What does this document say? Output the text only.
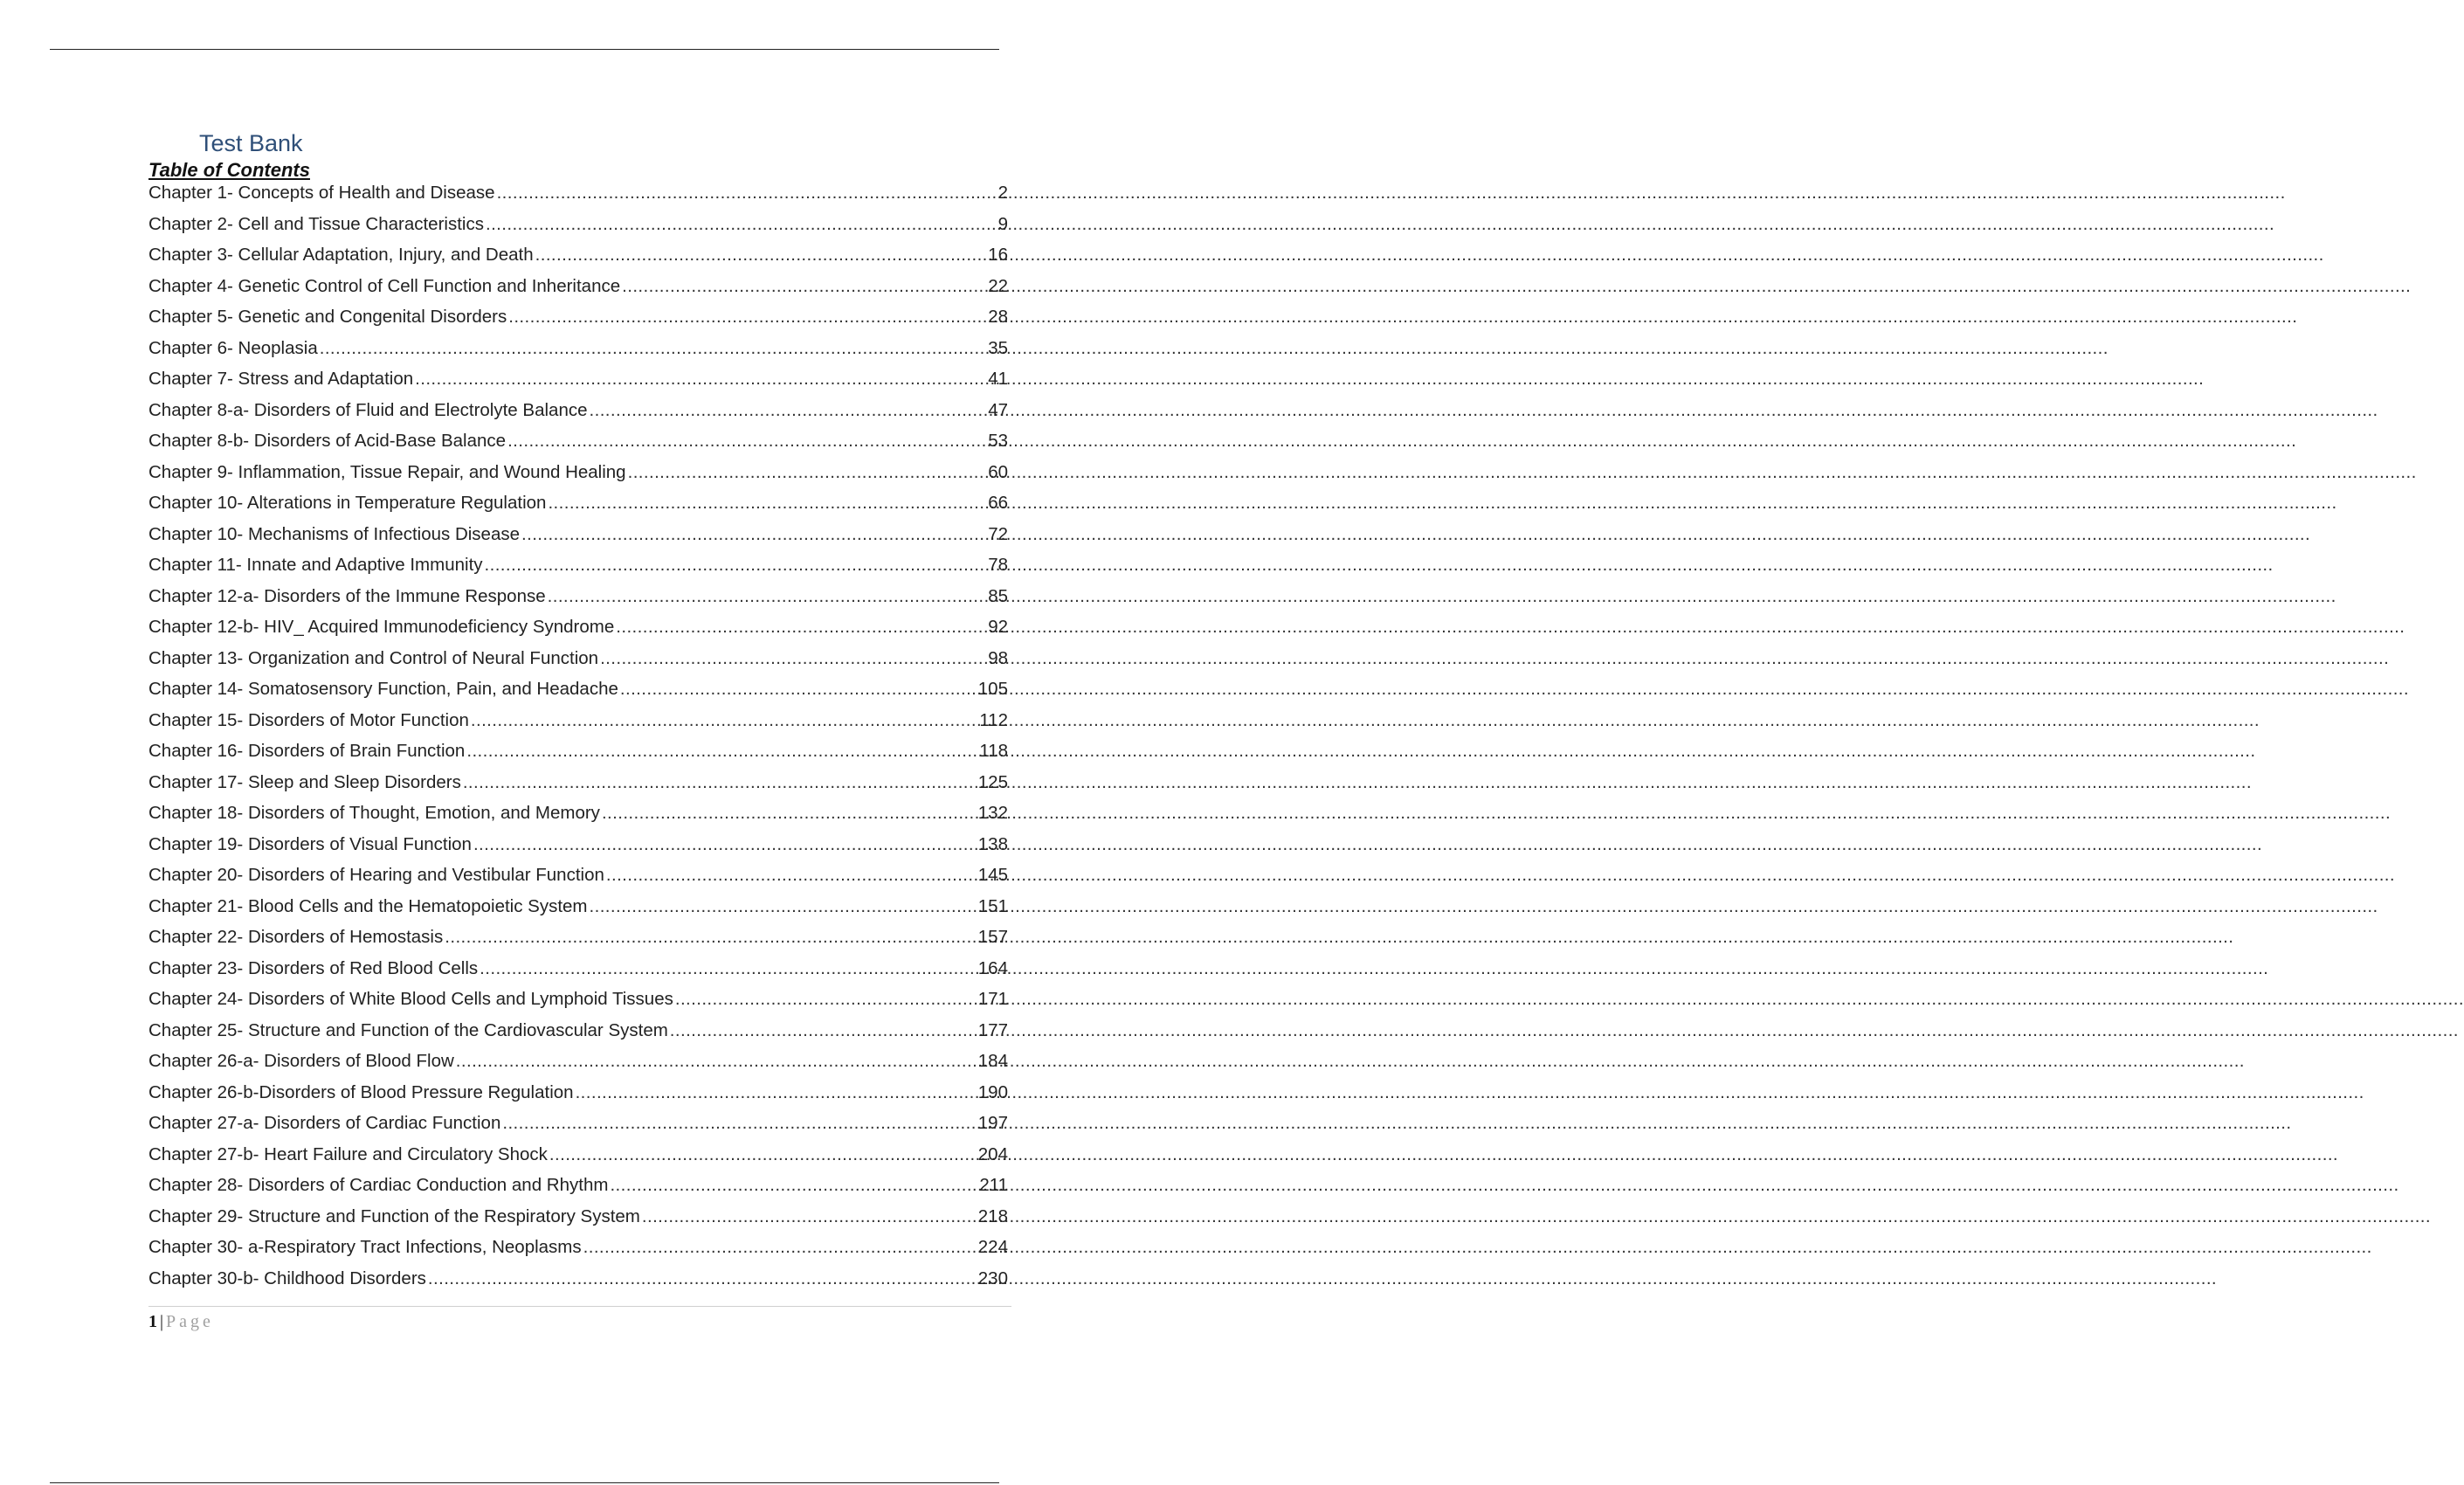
Test Bank
Table of Contents
Chapter 1- Concepts of Health and Disease .....	2
Chapter 2- Cell and Tissue Characteristics .....	9
Chapter 3- Cellular Adaptation, Injury, and Death .....	16
Chapter 4- Genetic Control of Cell Function and Inheritance .....	22
Chapter 5- Genetic and Congenital Disorders .....	28
Chapter 6- Neoplasia .....	35
Chapter 7- Stress and Adaptation .....	41
Chapter 8-a- Disorders of Fluid and Electrolyte Balance .....	47
Chapter 8-b- Disorders of Acid-Base Balance .....	53
Chapter 9- Inflammation, Tissue Repair, and Wound Healing .....	60
Chapter 10- Alterations in Temperature Regulation .....	66
Chapter 10- Mechanisms of Infectious Disease .....	72
Chapter 11- Innate and Adaptive Immunity .....	78
Chapter 12-a- Disorders of the Immune Response .....	85
Chapter 12-b- HIV_ Acquired Immunodeficiency Syndrome .....	92
Chapter 13- Organization and Control of Neural Function .....	98
Chapter 14- Somatosensory Function, Pain, and Headache .....	105
Chapter 15- Disorders of Motor Function .....	112
Chapter 16- Disorders of Brain Function .....	118
Chapter 17- Sleep and Sleep Disorders .....	125
Chapter 18- Disorders of Thought, Emotion, and Memory .....	132
Chapter 19- Disorders of Visual Function .....	138
Chapter 20- Disorders of Hearing and Vestibular Function .....	145
Chapter 21- Blood Cells and the Hematopoietic System .....	151
Chapter 22- Disorders of Hemostasis .....	157
Chapter 23- Disorders of Red Blood Cells .....	164
Chapter 24- Disorders of White Blood Cells and Lymphoid Tissues .....	171
Chapter 25- Structure and Function of the Cardiovascular System .....	177
Chapter 26-a- Disorders of Blood Flow .....	184
Chapter 26-b-Disorders of Blood Pressure Regulation .....	190
Chapter 27-a- Disorders of Cardiac Function .....	197
Chapter 27-b- Heart Failure and Circulatory Shock .....	204
Chapter 28- Disorders of Cardiac Conduction and Rhythm .....	211
Chapter 29- Structure and Function of the Respiratory System .....	218
Chapter 30- a-Respiratory Tract Infections, Neoplasms .....	224
Chapter 30-b- Childhood Disorders .....	230
1 | Page
